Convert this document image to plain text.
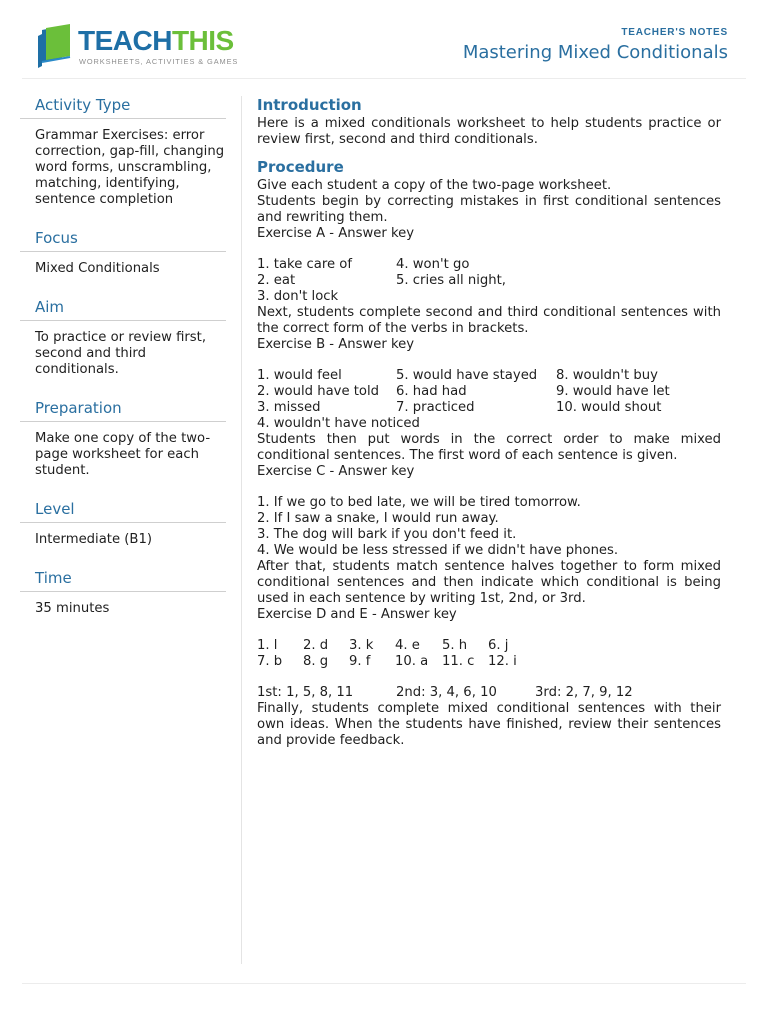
TEACHTHIS
WORKSHEETS, ACTIVITIES & GAMES
TEACHER'S NOTES
Mastering Mixed Conditionals
Activity Type

Grammar Exercises: error correction, gap-fill, changing word forms, unscrambling, matching, identifying, sentence completion

Focus

Mixed Conditionals

Aim

To practice or review first, second and third conditionals.

Preparation

Make one copy of the two-page worksheet for each student.

Level

Intermediate (B1)

Time

35 minutes

Introduction

Here is a mixed conditionals worksheet to help students practice or review first, second and third conditionals.

Procedure

Give each student a copy of the two-page worksheet.

Students begin by correcting mistakes in first conditional sentences and rewriting them.

Exercise A - Answer key

1. take care of	4. won't go
2. eat	5. cries all night,
3. don't lock

Next, students complete second and third conditional sentences with the correct form of the verbs in brackets.

Exercise B - Answer key

1. would feel	5. would have stayed	8. wouldn't buy
2. would have told	6. had had	9. would have let
3. missed	7. practiced	10. would shout
4. wouldn't have noticed

Students then put words in the correct order to make mixed conditional sentences. The first word of each sentence is given.

Exercise C - Answer key

1. If we go to bed late, we will be tired tomorrow.

2. If I saw a snake, I would run away.

3. The dog will bark if you don't feed it.

4. We would be less stressed if we didn't have phones.

After that, students match sentence halves together to form mixed conditional sentences and then indicate which conditional is being used in each sentence by writing 1st, 2nd, or 3rd.

Exercise D and E - Answer key

1. l	2. d	3. k	4. e	5. h	6. j
7. b	8. g	9. f	10. a	11. c	12. i
1st: 1, 5, 8, 11	2nd: 3, 4, 6, 10	3rd: 2, 7, 9, 12

Finally, students complete mixed conditional sentences with their own ideas. When the students have finished, review their sentences and provide feedback.
